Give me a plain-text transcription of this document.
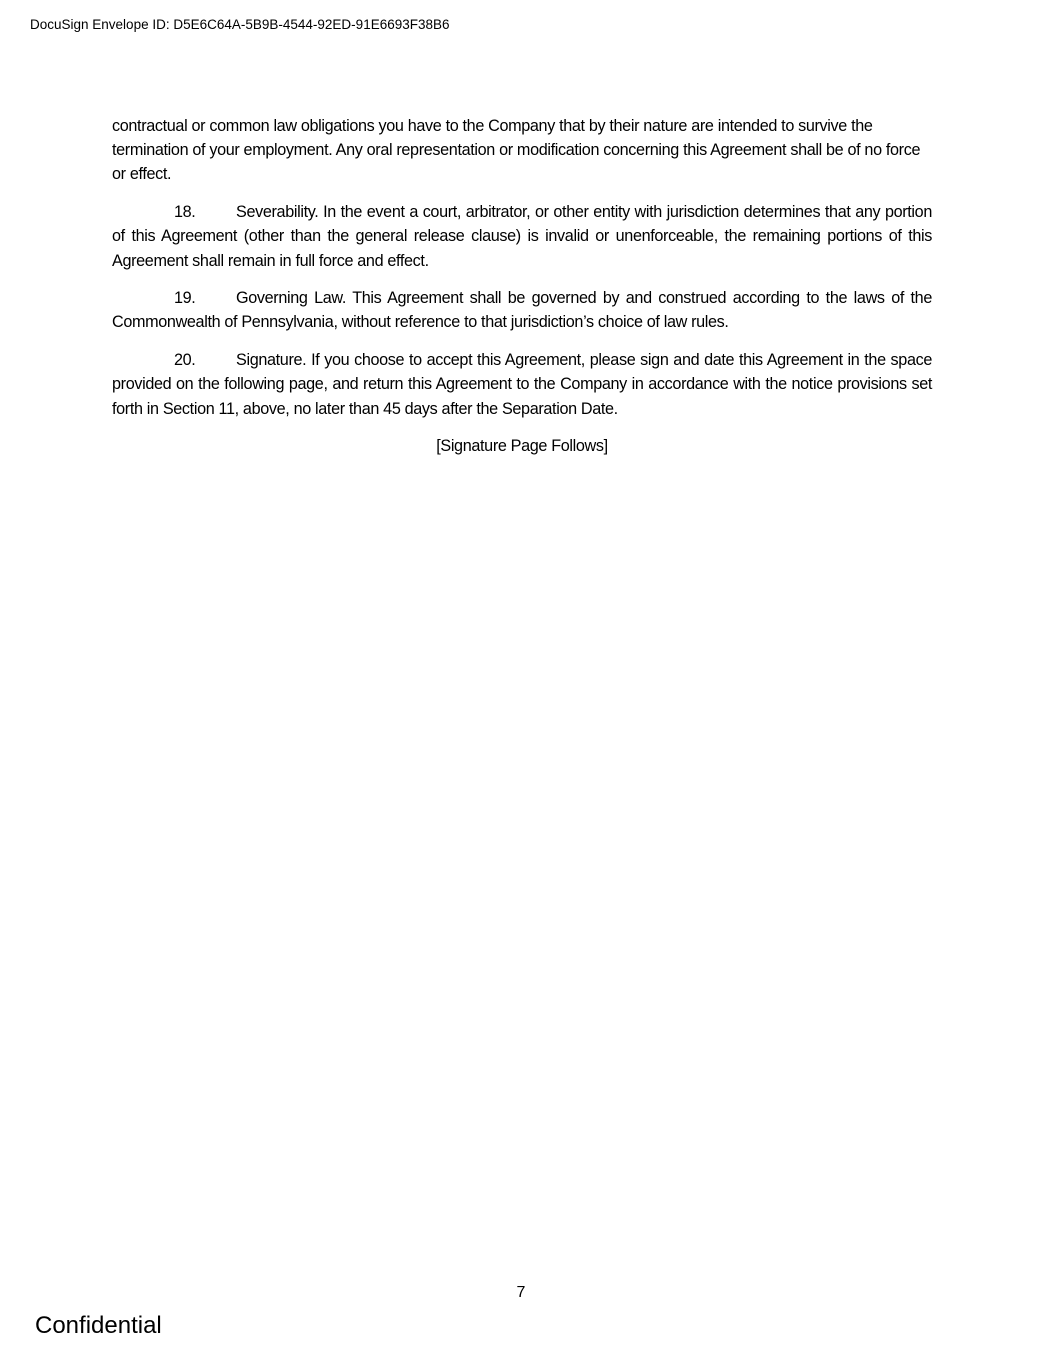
DocuSign Envelope ID: D5E6C64A-5B9B-4544-92ED-91E6693F38B6

contractual or common law obligations you have to the Company that by their nature are intended to survive the termination of your employment. Any oral representation or modification concerning this Agreement shall be of no force or effect.

18.	Severability. In the event a court, arbitrator, or other entity with jurisdiction determines that any portion of this Agreement (other than the general release clause) is invalid or unenforceable, the remaining portions of this Agreement shall remain in full force and effect.

19.	Governing Law. This Agreement shall be governed by and construed according to the laws of the Commonwealth of Pennsylvania, without reference to that jurisdiction’s choice of law rules.

20.	Signature. If you choose to accept this Agreement, please sign and date this Agreement in the space provided on the following page, and return this Agreement to the Company in accordance with the notice provisions set forth in Section 11, above, no later than 45 days after the Separation Date.

[Signature Page Follows]

7
Confidential
